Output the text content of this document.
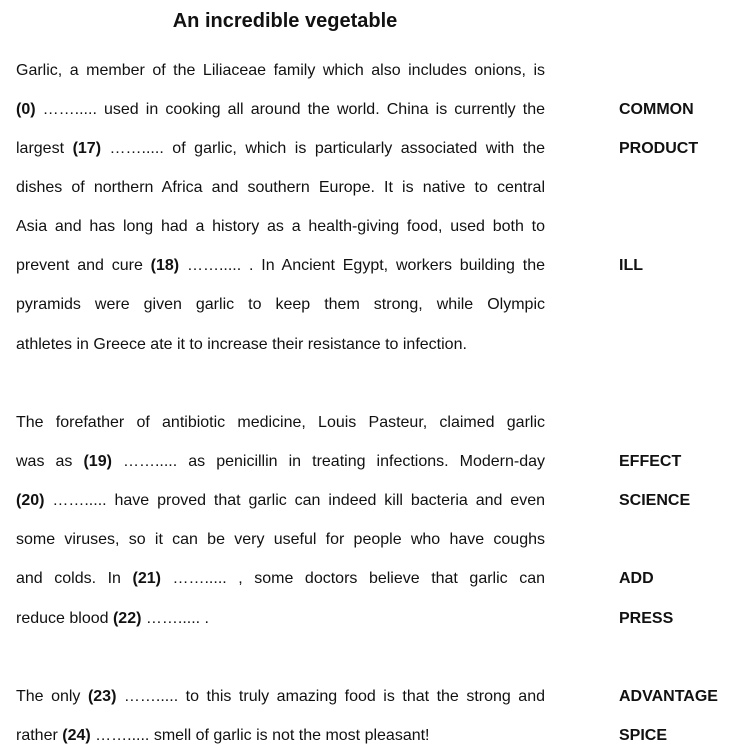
An incredible vegetable
Garlic, a member of the Liliaceae family which also includes onions, is
(0) ……..... used in cooking all around the world. China is currently the
largest (17) ……..... of garlic, which is particularly associated with the
dishes of northern Africa and southern Europe. It is native to central
Asia and has long had a history as a health-giving food, used both to
prevent and cure (18) ……..... . In Ancient Egypt, workers building the
pyramids were given garlic to keep them strong, while Olympic
athletes in Greece ate it to increase their resistance to infection.
The forefather of antibiotic medicine, Louis Pasteur, claimed garlic
was as (19) ……..... as penicillin in treating infections. Modern-day
(20) ……..... have proved that garlic can indeed kill bacteria and even
some viruses, so it can be very useful for people who have coughs
and colds. In (21) ……..... , some doctors believe that garlic can
reduce blood (22) ……..... .
The only (23) ……..... to this truly amazing food is that the strong and
rather (24) ……..... smell of garlic is not the most pleasant!
COMMON
PRODUCT
ILL
EFFECT
SCIENCE
ADD
PRESS
ADVANTAGE
SPICE
